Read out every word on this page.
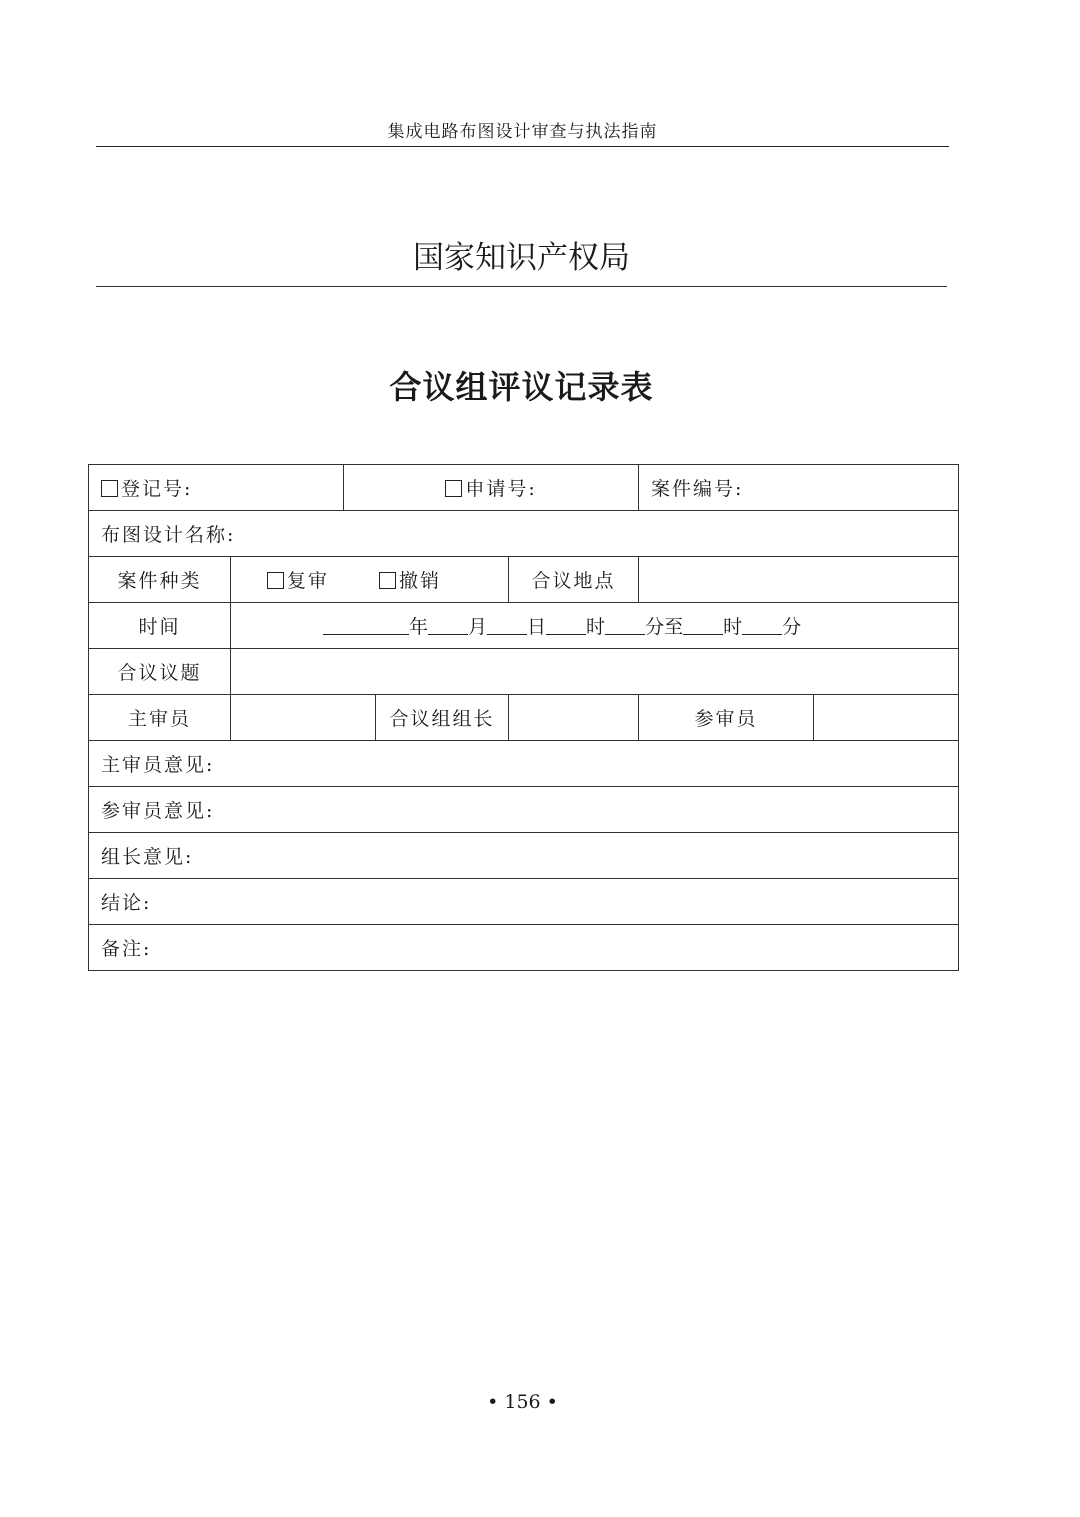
集成电路布图设计审查与执法指南
国家知识产权局
合议组评议记录表
登记号:		申请号:			案件编号:	
布图设计名称:						
案件种类	复审 撤销			合议地点		
时间	年 月 日 时 分至 时 分					
合议议题						
主审员			合议组组长		参审员	
主审员意见:						
参审员意见:						
组长意见:						
结论:						
备注:						
• 156 •
